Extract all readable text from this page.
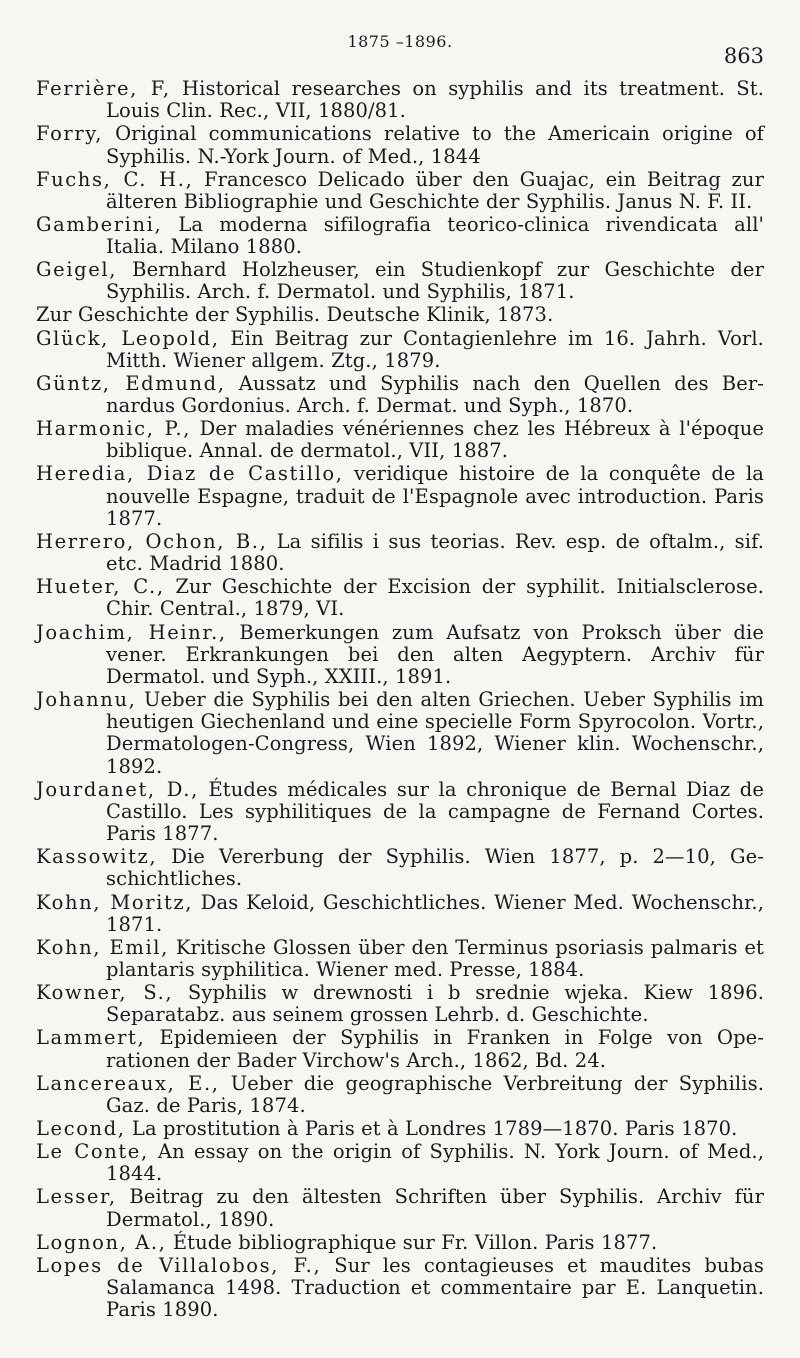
1875 –1896.
863
Ferrière, F, Historical researches on syphilis and its treatment. St. Louis Clin. Rec., VII, 1880/81.
Forry, Original communications relative to the Americain origine of Syphilis. N.-York Journ. of Med., 1844
Fuchs, C. H., Francesco Delicado über den Guajac, ein Beitrag zur älteren Bibliographie und Geschichte der Syphilis. Janus N. F. II.
Gamberini, La moderna sifilografia teorico-clinica rivendicata all' Italia. Milano 1880.
Geigel, Bernhard Holzheuser, ein Studienkopf zur Geschichte der Syphilis. Arch. f. Dermatol. und Syphilis, 1871.
Zur Geschichte der Syphilis. Deutsche Klinik, 1873.
Glück, Leopold, Ein Beitrag zur Contagienlehre im 16. Jahrh. Vorl. Mitth. Wiener allgem. Ztg., 1879.
Güntz, Edmund, Aussatz und Syphilis nach den Quellen des Ber- nardus Gordonius. Arch. f. Dermat. und Syph., 1870.
Harmonic, P., Der maladies vénériennes chez les Hébreux à l'époque biblique. Annal. de dermatol., VII, 1887.
Heredia, Diaz de Castillo, veridique histoire de la conquête de la nouvelle Espagne, traduit de l'Espagnole avec introduction. Paris 1877.
Herrero, Ochon, B., La sifilis i sus teorias. Rev. esp. de oftalm., sif. etc. Madrid 1880.
Hueter, C., Zur Geschichte der Excision der syphilit. Initialsclerose. Chir. Central., 1879, VI.
Joachim, Heinr., Bemerkungen zum Aufsatz von Proksch über die vener. Erkrankungen bei den alten Aegyptern. Archiv für Dermatol. und Syph., XXIII., 1891.
Johannu, Ueber die Syphilis bei den alten Griechen. Ueber Syphilis im heutigen Giechenland und eine specielle Form Spyrocolon. Vortr., Dermatologen-Congress, Wien 1892, Wiener klin. Wochenschr., 1892.
Jourdanet, D., Études médicales sur la chronique de Bernal Diaz de Castillo. Les syphilitiques de la campagne de Fernand Cortes. Paris 1877.
Kassowitz, Die Vererbung der Syphilis. Wien 1877, p. 2—10, Ge- schichtliches.
Kohn, Moritz, Das Keloid, Geschichtliches. Wiener Med. Wochenschr., 1871.
Kohn, Emil, Kritische Glossen über den Terminus psoriasis palmaris et plantaris syphilitica. Wiener med. Presse, 1884.
Kowner, S., Syphilis w drewnosti i b srednie wjeka. Kiew 1896. Separatabz. aus seinem grossen Lehrb. d. Geschichte.
Lammert, Epidemieen der Syphilis in Franken in Folge von Ope- rationen der Bader Virchow's Arch., 1862, Bd. 24.
Lancereaux, E., Ueber die geographische Verbreitung der Syphilis. Gaz. de Paris, 1874.
Lecond, La prostitution à Paris et à Londres 1789—1870. Paris 1870.
Le Conte, An essay on the origin of Syphilis. N. York Journ. of Med., 1844.
Lesser, Beitrag zu den ältesten Schriften über Syphilis. Archiv für Dermatol., 1890.
Lognon, A., Étude bibliographique sur Fr. Villon. Paris 1877.
Lopes de Villalobos, F., Sur les contagieuses et maudites bubas Salamanca 1498. Traduction et commentaire par E. Lanquetin. Paris 1890.
